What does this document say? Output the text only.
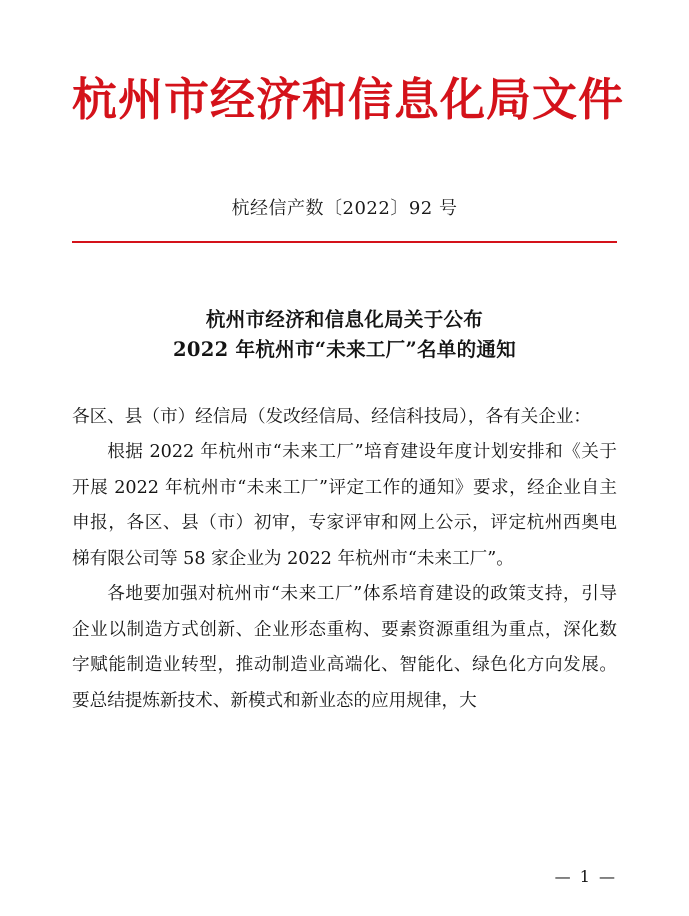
杭州市经济和信息化局文件
杭经信产数〔2022〕92 号
杭州市经济和信息化局关于公布
2022 年杭州市“未来工厂”名单的通知

各区、县（市）经信局（发改经信局、经信科技局），各有关企业：

根据 2022 年杭州市“未来工厂”培育建设年度计划安排和《关于开展 2022 年杭州市“未来工厂”评定工作的通知》要求，经企业自主申报，各区、县（市）初审，专家评审和网上公示，评定杭州西奥电梯有限公司等 58 家企业为 2022 年杭州市“未来工厂”。

各地要加强对杭州市“未来工厂”体系培育建设的政策支持，引导企业以制造方式创新、企业形态重构、要素资源重组为重点，深化数字赋能制造业转型，推动制造业高端化、智能化、绿色化方向发展。要总结提炼新技术、新模式和新业态的应用规律，大

— 1 —
